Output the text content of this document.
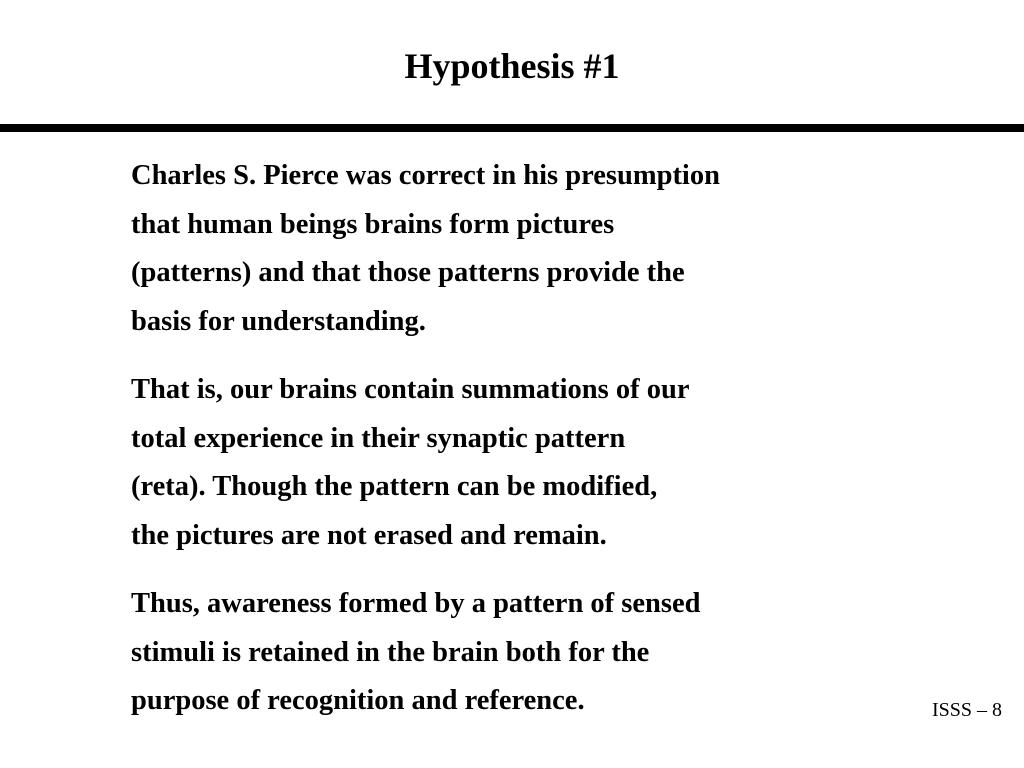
Hypothesis #1

Charles S. Pierce was correct in his presumption
that human beings brains form pictures
(patterns) and that those patterns provide the
basis for understanding.

That is, our brains contain summations of our
total experience in their synaptic pattern
(reta). Though the pattern can be modified,
the pictures are not erased and remain.

Thus, awareness formed by a pattern of sensed
stimuli is retained in the brain both for the
purpose of recognition and reference.	ISSS – 8
